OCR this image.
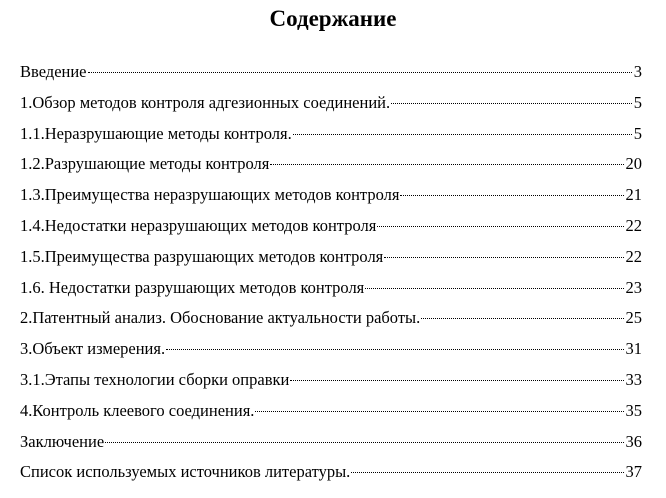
Содержание
Введение	3
1.Обзор методов контроля адгезионных соединений.	5
1.1.Неразрушающие методы контроля.	5
1.2.Разрушающие методы контроля	20
1.3.Преимущества неразрушающих методов контроля	21
1.4.Недостатки неразрушающих методов контроля	22
1.5.Преимущества разрушающих методов контроля	22
1.6. Недостатки разрушающих методов контроля	23
2.Патентный анализ. Обоснование актуальности работы.	25
3.Объект измерения.	31
3.1.Этапы технологии сборки оправки	33
4.Контроль клеевого соединения.	35
Заключение	36
Список используемых источников литературы.	37
